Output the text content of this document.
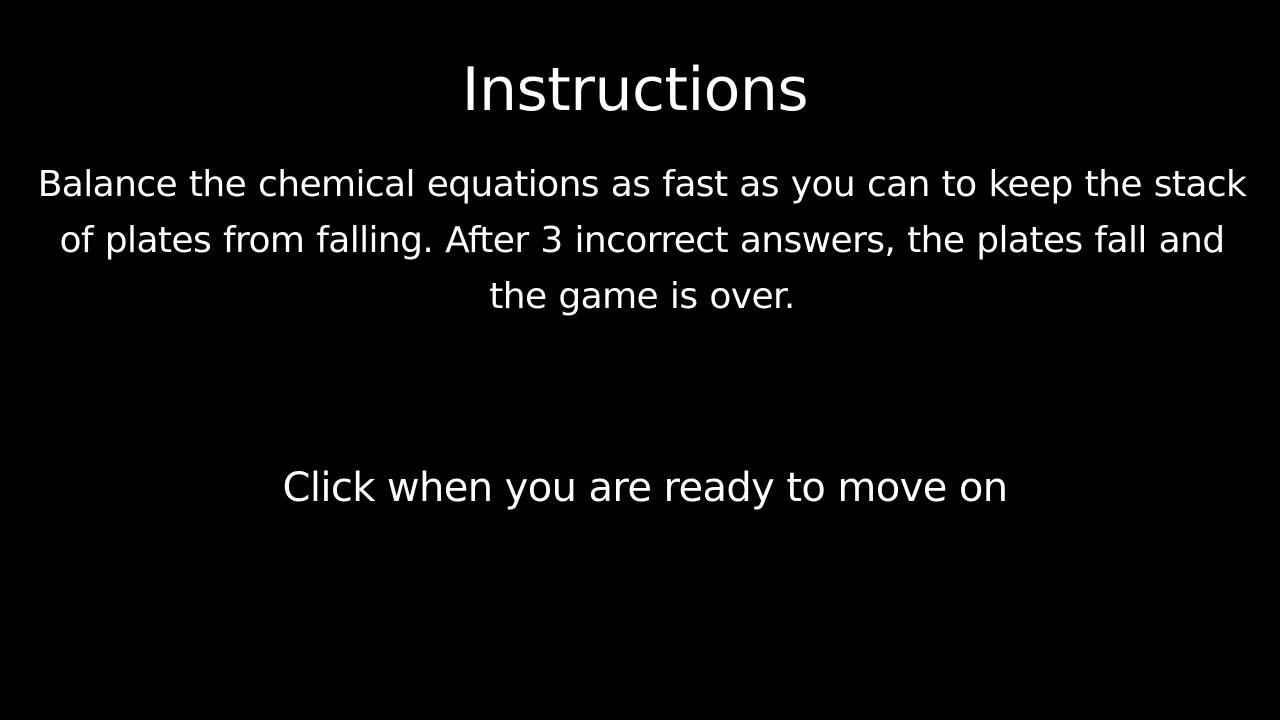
Instructions

Balance the chemical equations as fast as you can to keep the stack of plates from falling. After 3 incorrect answers, the plates fall and the game is over.

Click when you are ready to move on
